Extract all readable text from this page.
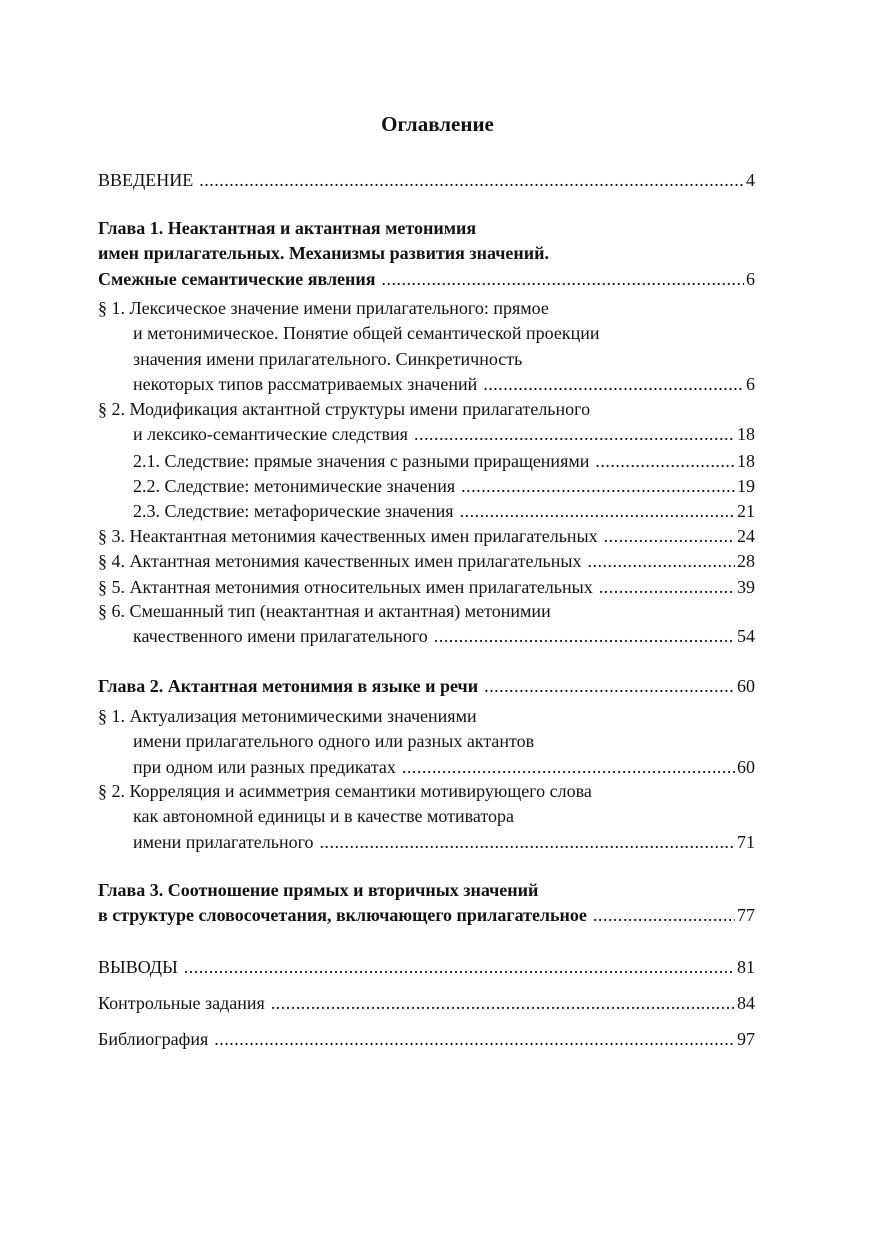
Оглавление
ВВЕДЕНИЕ .....	4
Глава 1. Неактантная и актантная метонимия
имен прилагательных. Механизмы развития значений.
Смежные семантические явления .....	6
§ 1. Лексическое значение имени прилагательного: прямое
и метонимическое. Понятие общей семантической проекции
значения имени прилагательного. Синкретичность
некоторых типов рассматриваемых значений .....	6
§ 2. Модификация актантной структуры имени прилагательного
и лексико-семантические следствия .....	18
2.1. Следствие: прямые значения с разными приращениями .....	18
2.2. Следствие: метонимические значения .....	19
2.3. Следствие: метафорические значения .....	21
§ 3. Неактантная метонимия качественных имен прилагательных .....	24
§ 4. Актантная метонимия качественных имен прилагательных .....	28
§ 5. Актантная метонимия относительных имен прилагательных .....	39
§ 6. Смешанный тип (неактантная и актантная) метонимии
качественного имени прилагательного .....	54
Глава 2. Актантная метонимия в языке и речи .....	60
§ 1. Актуализация метонимическими значениями
имени прилагательного одного или разных актантов
при одном или разных предикатах .....	60
§ 2. Корреляция и асимметрия семантики мотивирующего слова
как автономной единицы и в качестве мотиватора
имени прилагательного .....	71
Глава 3. Соотношение прямых и вторичных значений
в структуре словосочетания, включающего прилагательное .....	77
ВЫВОДЫ .....	81
Контрольные задания .....	84
Библиография .....	97
